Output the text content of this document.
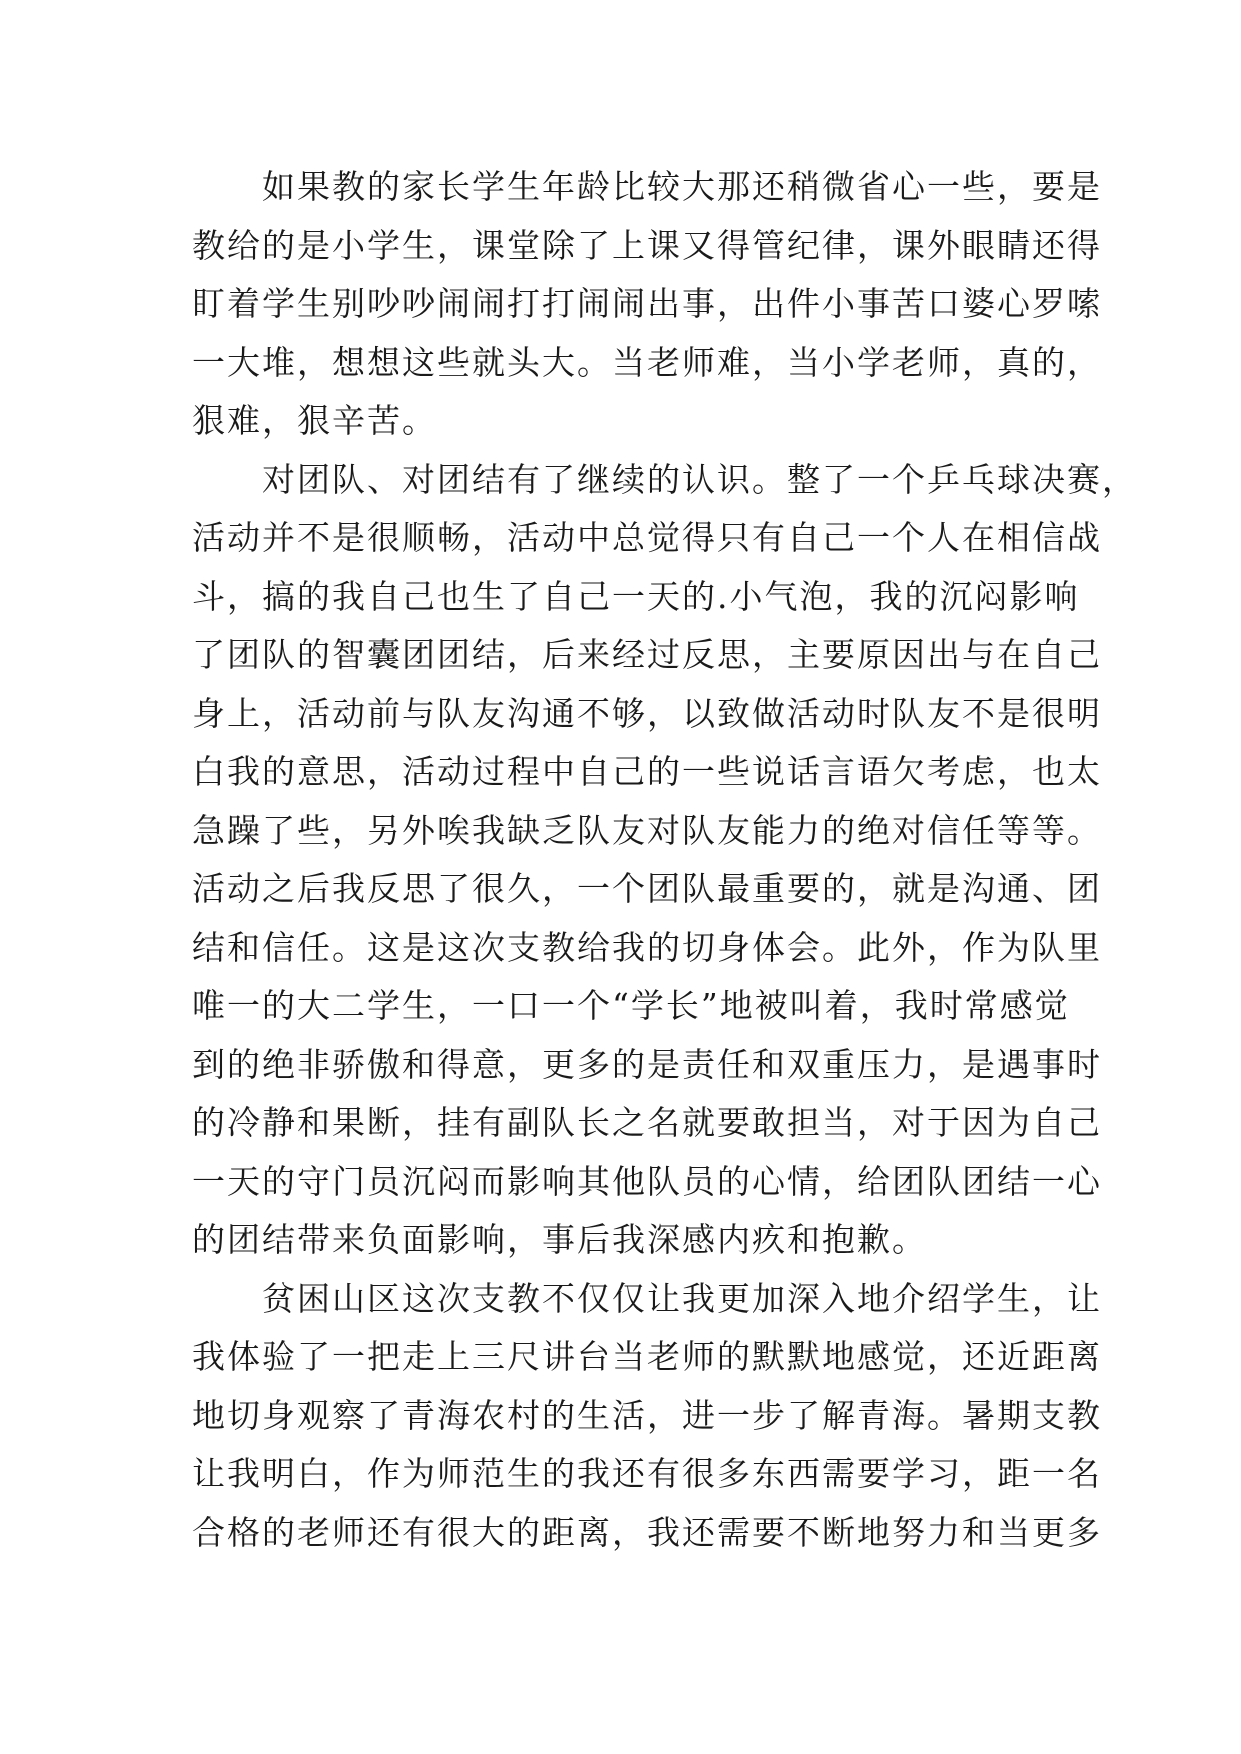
如果教的家长学生年龄比较大那还稍微省心一些，要是
教给的是小学生，课堂除了上课又得管纪律，课外眼睛还得
盯着学生别吵吵闹闹打打闹闹出事，出件小事苦口婆心罗嗦
一大堆，想想这些就头大。当老师难，当小学老师，真的，
狠难，狠辛苦。
对团队、对团结有了继续的认识。整了一个乒乓球决赛，
活动并不是很顺畅，活动中总觉得只有自己一个人在相信战
斗，搞的我自己也生了自己一天的.小气泡，我的沉闷影响
了团队的智囊团团结，后来经过反思，主要原因出与在自己
身上，活动前与队友沟通不够，以致做活动时队友不是很明
白我的意思，活动过程中自己的一些说话言语欠考虑，也太
急躁了些，另外唉我缺乏队友对队友能力的绝对信任等等。
活动之后我反思了很久，一个团队最重要的，就是沟通、团
结和信任。这是这次支教给我的切身体会。此外，作为队里
唯一的大二学生，一口一个“学长”地被叫着，我时常感觉
到的绝非骄傲和得意，更多的是责任和双重压力，是遇事时
的冷静和果断，挂有副队长之名就要敢担当，对于因为自己
一天的守门员沉闷而影响其他队员的心情，给团队团结一心
的团结带来负面影响，事后我深感内疚和抱歉。
贫困山区这次支教不仅仅让我更加深入地介绍学生，让
我体验了一把走上三尺讲台当老师的默默地感觉，还近距离
地切身观察了青海农村的生活，进一步了解青海。暑期支教
让我明白，作为师范生的我还有很多东西需要学习，距一名
合格的老师还有很大的距离，我还需要不断地努力和当更多
